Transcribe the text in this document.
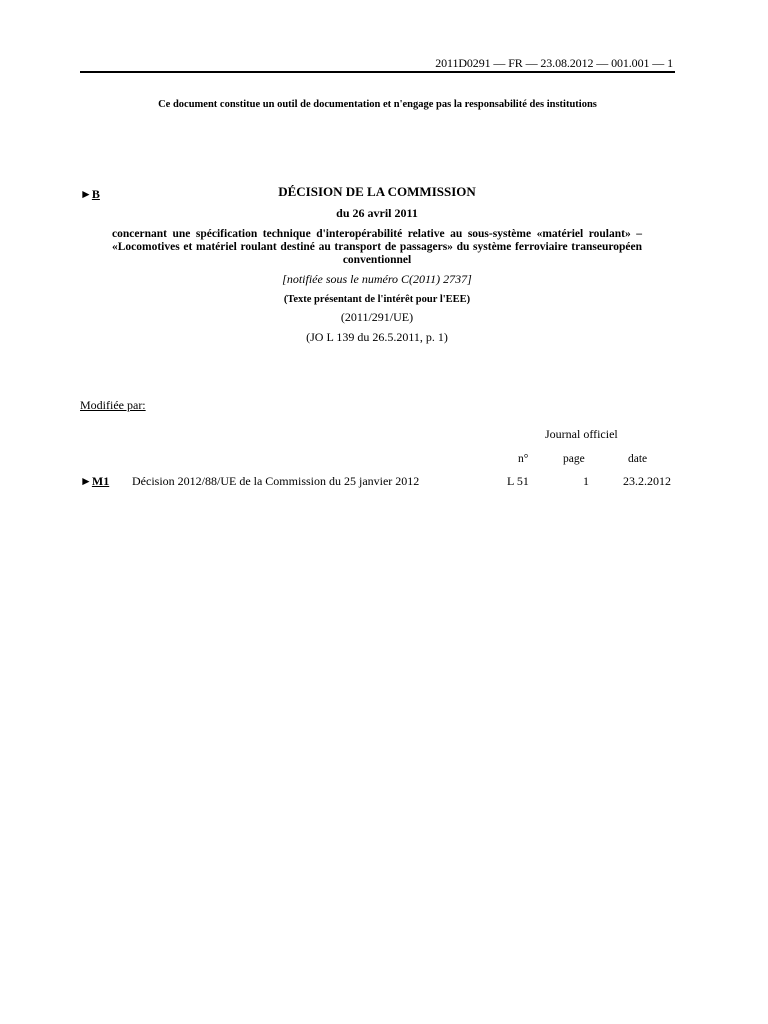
2011D0291 — FR — 23.08.2012 — 001.001 — 1
Ce document constitue un outil de documentation et n'engage pas la responsabilité des institutions
►B	DÉCISION DE LA COMMISSION
du 26 avril 2011
concernant une spécification technique d'interopérabilité relative au sous-système «matériel roulant» – «Locomotives et matériel roulant destiné au transport de passagers» du système ferroviaire transeuropéen conventionnel
[notifiée sous le numéro C(2011) 2737]
(Texte présentant de l'intérêt pour l'EEE)
(2011/291/UE)
(JO L 139 du 26.5.2011, p. 1)
Modifiée par:
Journal officiel
n°	page	date
►M1 Décision 2012/88/UE de la Commission du 25 janvier 2012	L 51	1	23.2.2012
